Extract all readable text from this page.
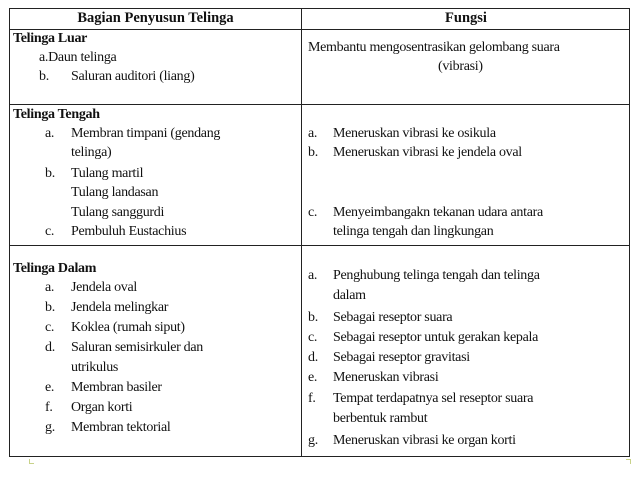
Bagian Penyusun Telinga	Fungsi
Telinga Luar
a.Daun telinga
b. Saluran auditori (liang)
Membantu mengosentrasikan gelombang suara
(vibrasi)
Telinga Tengah
a. Membran timpani (gendang
telinga)
b. Tulang martil
Tulang landasan
Tulang sanggurdi
c. Pembuluh Eustachius
a. Meneruskan vibrasi ke osikula
b. Meneruskan vibrasi ke jendela oval
c. Menyeimbangakn tekanan udara antara
telinga tengah dan lingkungan
Telinga Dalam
a. Jendela oval
b. Jendela melingkar
c. Koklea (rumah siput)
d. Saluran semisirkuler dan
utrikulus
e. Membran basiler
f. Organ korti
g. Membran tektorial
a. Penghubung telinga tengah dan telinga
dalam
b. Sebagai reseptor suara
c. Sebagai reseptor untuk gerakan kepala
d. Sebagai reseptor gravitasi
e. Meneruskan vibrasi
f. Tempat terdapatnya sel reseptor suara
berbentuk rambut
g. Meneruskan vibrasi ke organ korti
